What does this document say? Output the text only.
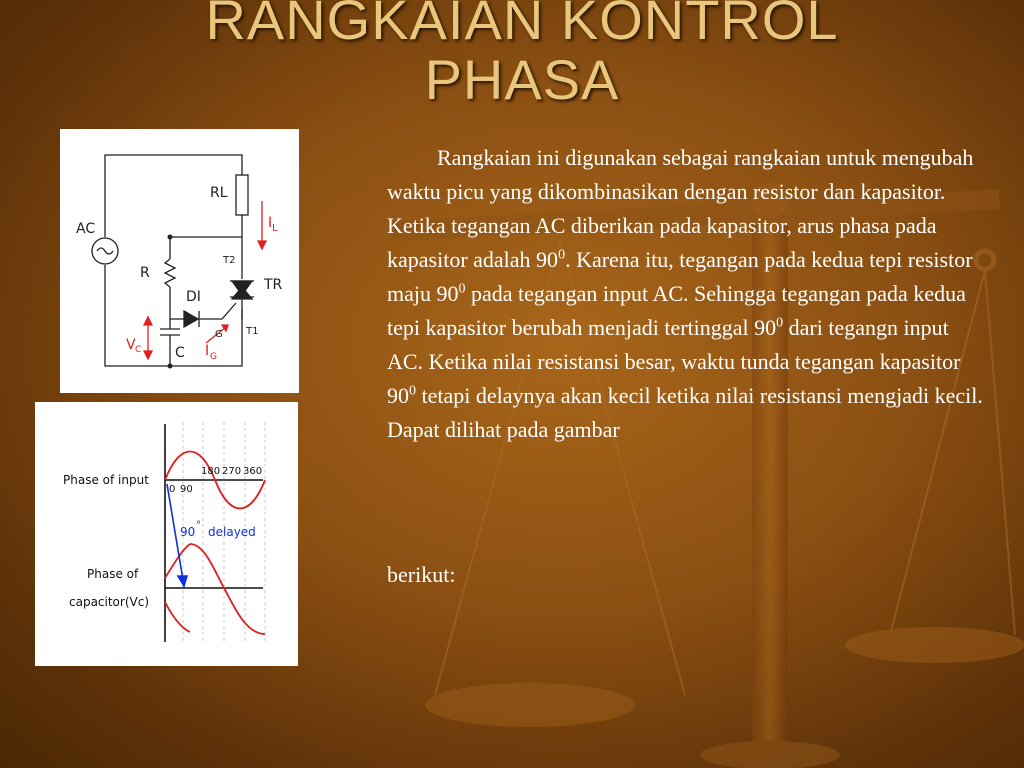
RANGKAIAN KONTROL
PHASA
AC
RL
T2
TR
R
DI
G T1
C
I L
V C	I G
Phase of input
0 90
180 270 360
Phase of
capacitor(Vc)
90 ° delayed
Rangkaian ini digunakan sebagai rangkaian untuk mengubah waktu picu yang dikombinasikan dengan resistor dan kapasitor. Ketika tegangan AC diberikan pada kapasitor, arus phasa pada kapasitor adalah $90^0$. Karena itu, tegangan pada kedua tepi resistor maju $90^0$ pada tegangan input AC. Sehingga tegangan pada kedua tepi kapasitor berubah menjadi tertinggal $90^0$ dari tegangn input AC. Ketika nilai resistansi besar, waktu tunda tegangan kapasitor $90^0$ tetapi delaynya akan kecil ketika nilai resistansi mengjadi kecil. Dapat dilihat pada gambar
berikut:
